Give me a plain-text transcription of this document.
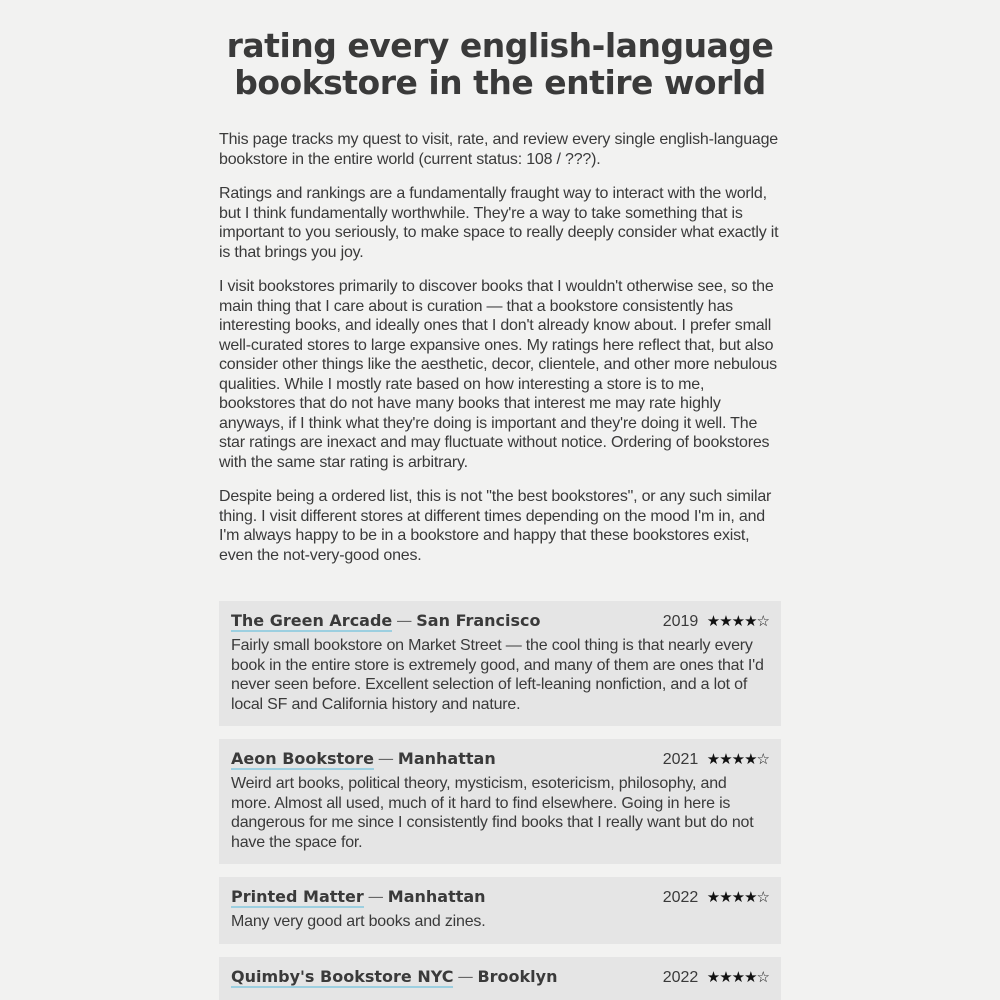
rating every english-language bookstore in the entire world

This page tracks my quest to visit, rate, and review every single english-language bookstore in the entire world (current status: 108 / ???).

Ratings and rankings are a fundamentally fraught way to interact with the world, but I think fundamentally worthwhile. They're a way to take something that is important to you seriously, to make space to really deeply consider what exactly it is that brings you joy.

I visit bookstores primarily to discover books that I wouldn't otherwise see, so the main thing that I care about is curation — that a bookstore consistently has interesting books, and ideally ones that I don't already know about. I prefer small well-curated stores to large expansive ones. My ratings here reflect that, but also consider other things like the aesthetic, decor, clientele, and other more nebulous qualities. While I mostly rate based on how interesting a store is to me, bookstores that do not have many books that interest me may rate highly anyways, if I think what they're doing is important and they're doing it well. The star ratings are inexact and may fluctuate without notice. Ordering of bookstores with the same star rating is arbitrary.

Despite being a ordered list, this is not "the best bookstores", or any such similar thing. I visit different stores at different times depending on the mood I'm in, and I'm always happy to be in a bookstore and happy that these bookstores exist, even the not-very-good ones.

The Green Arcade — San Francisco	2019 ★★★★☆
Fairly small bookstore on Market Street — the cool thing is that nearly every book in the entire store is extremely good, and many of them are ones that I'd never seen before. Excellent selection of left-leaning nonfiction, and a lot of local SF and California history and nature.
Aeon Bookstore — Manhattan	2021 ★★★★☆
Weird art books, political theory, mysticism, esotericism, philosophy, and more. Almost all used, much of it hard to find elsewhere. Going in here is dangerous for me since I consistently find books that I really want but do not have the space for.
Printed Matter — Manhattan	2022 ★★★★☆
Many very good art books and zines.
Quimby's Bookstore NYC — Brooklyn	2022 ★★★★☆
